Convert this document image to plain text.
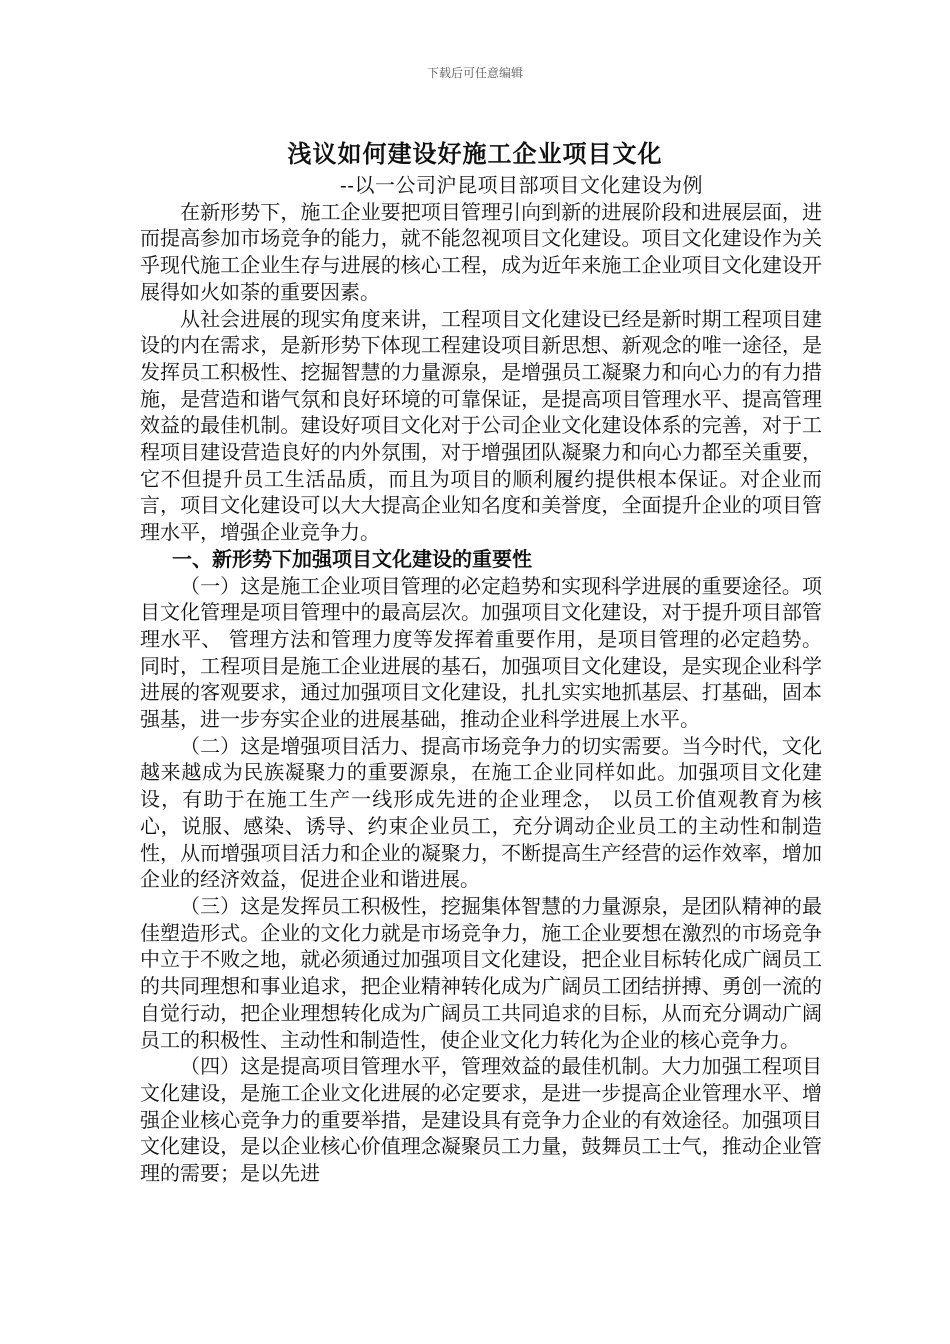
下载后可任意编辑
浅议如何建设好施工企业项目文化
--以一公司沪昆项目部项目文化建设为例

在新形势下，施工企业要把项目管理引向到新的进展阶段和进展层面，进而提高参加市场竞争的能力，就不能忽视项目文化建设。项目文化建设作为关乎现代施工企业生存与进展的核心工程，成为近年来施工企业项目文化建设开展得如火如荼的重要因素。

从社会进展的现实角度来讲，工程项目文化建设已经是新时期工程项目建设的内在需求，是新形势下体现工程建设项目新思想、新观念的唯一途径，是发挥员工积极性、挖掘智慧的力量源泉，是增强员工凝聚力和向心力的有力措施，是营造和谐气氛和良好环境的可靠保证，是提高项目管理水平、提高管理效益的最佳机制。建设好项目文化对于公司企业文化建设体系的完善，对于工程项目建设营造良好的内外氛围，对于增强团队凝聚力和向心力都至关重要，它不但提升员工生活品质，而且为项目的顺利履约提供根本保证。对企业而言，项目文化建设可以大大提高企业知名度和美誉度，全面提升企业的项目管理水平，增强企业竞争力。

一、新形势下加强项目文化建设的重要性

（一）这是施工企业项目管理的必定趋势和实现科学进展的重要途径。项目文化管理是项目管理中的最高层次。加强项目文化建设，对于提升项目部管理水平、 管理方法和管理力度等发挥着重要作用，是项目管理的必定趋势。同时，工程项目是施工企业进展的基石，加强项目文化建设，是实现企业科学进展的客观要求，通过加强项目文化建设，扎扎实实地抓基层、打基础，固本强基，进一步夯实企业的进展基础，推动企业科学进展上水平。

（二）这是增强项目活力、提高市场竞争力的切实需要。当今时代，文化越来越成为民族凝聚力的重要源泉，在施工企业同样如此。加强项目文化建设，有助于在施工生产一线形成先进的企业理念， 以员工价值观教育为核心，说服、感染、诱导、约束企业员工，充分调动企业员工的主动性和制造性，从而增强项目活力和企业的凝聚力，不断提高生产经营的运作效率，增加企业的经济效益，促进企业和谐进展。

（三）这是发挥员工积极性，挖掘集体智慧的力量源泉，是团队精神的最佳塑造形式。企业的文化力就是市场竞争力，施工企业要想在激烈的市场竞争中立于不败之地，就必须通过加强项目文化建设，把企业目标转化成广阔员工的共同理想和事业追求，把企业精神转化成为广阔员工团结拼搏、勇创一流的自觉行动，把企业理想转化成为广阔员工共同追求的目标，从而充分调动广阔员工的积极性、主动性和制造性，使企业文化力转化为企业的核心竞争力。

（四）这是提高项目管理水平，管理效益的最佳机制。大力加强工程项目文化建设，是施工企业文化进展的必定要求，是进一步提高企业管理水平、增强企业核心竞争力的重要举措，是建设具有竞争力企业的有效途径。加强项目文化建设，是以企业核心价值理念凝聚员工力量，鼓舞员工士气，推动企业管理的需要；是以先进
